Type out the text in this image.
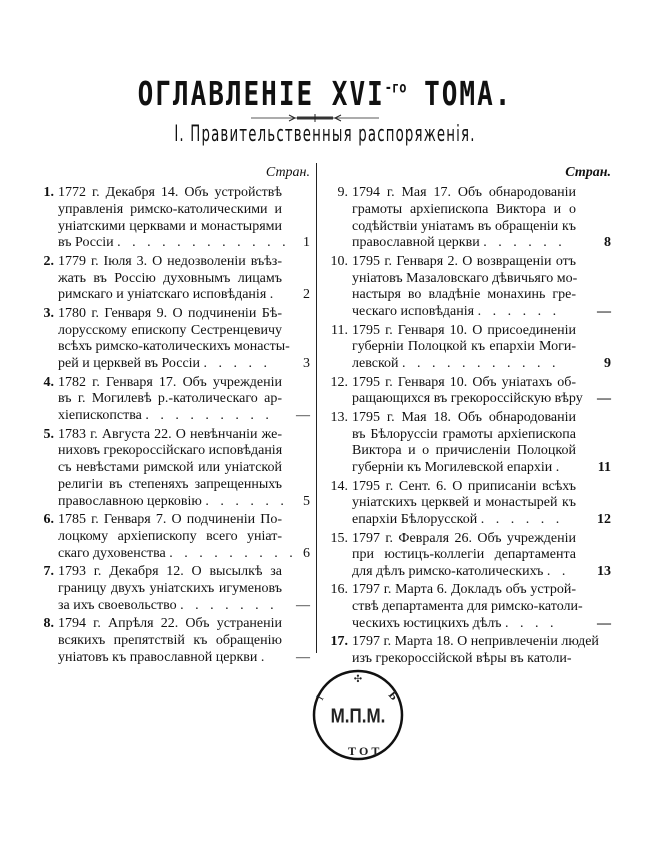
ОГЛАВЛЕНIЕ $XVI^{-го}$ ТОМА.
I. Правительственныя распоряженія.
Стран.
1. 1772 г. Декабря 14. Объ устройствѣ
управленія римско-католическими и
уніатскими церквами и монастырями
въ Россіи . . . . . . . . . . . . 1
2. 1779 г. Іюля 3. О недозволеніи въѣз-
жать въ Россію духовнымъ лицамъ
римскаго и уніатскаго исповѣданія .	2
3. 1780 г. Генваря 9. О подчиненіи Бѣ-
лорусскому епископу Сестренцевичу
всѣхъ римско-католическихъ монасты-
рей и церквей въ Россіи . . . . .	3
4. 1782 г. Генваря 17. Объ учрежденіи
въ г. Могилевѣ р.-католическаго ар-
хіепископства . . . . . . . . .	—
5. 1783 г. Августа 22. О невѣнчаніи же-
ниховъ грекороссійскаго исповѣданія
съ невѣстами римской или уніатской
религіи въ степеняхъ запрещенныхъ
православною церковію . . . . . . 5
6. 1785 г. Генваря 7. О подчиненіи По-
лоцкому архіепископу всего уніат-
скаго духовенства . . . . . . . . . 6
7. 1793 г. Декабря 12. О высылкѣ за
границу двухъ уніатскихъ игуменовъ
за ихъ своевольство . . . . . . .	—
8. 1794 г. Апрѣля 22. Объ устраненіи
всякихъ препятствій къ обращенію
уніатовъ къ православной церкви .	—
Стран.
9. 1794 г. Мая 17. Объ обнародованіи
грамоты архіепископа Виктора и о
содѣйствіи уніатамъ въ обращеніи къ
православной церкви . . . . . .	8
10. 1795 г. Генваря 2. О возвращеніи отъ
уніатовъ Мазаловскаго дѣвичьяго мо-
настыря во владѣніе монахинь гре-
ческаго исповѣданія . . . . . .	—
11. 1795 г. Генваря 10. О присоединеніи
губерніи Полоцкой къ епархіи Моги-
левской . . . . . . . . . . .	9
12. 1795 г. Генваря 10. Объ уніатахъ об-
ращающихся въ грекороссійскую вѣру —
13. 1795 г. Мая 18. Объ обнародованіи
въ Бѣлоруссіи грамоты архіепископа
Виктора и о причисленіи Полоцкой
губерніи къ Могилевской епархіи .	11
14. 1795 г. Сент. 6. О приписаніи всѣхъ
уніатскихъ церквей и монастырей къ
епархіи Бѣлорусской . . . . . .	12
15. 1797 г. Февраля 26. Объ учрежденіи
при юстицъ-коллегіи департамента
для дѣлъ римско-католическихъ . .	13
16. 1797 г. Марта 6. Докладъ объ устрой-
ствѣ департамента для римско-католи-
ческихъ юстицкихъ дѣлъ . . . .	—
17. 1797 г. Марта 18. О непривлеченіи людей
изъ грекороссійской вѣры въ католи-
М.П.М.
✣
Б
I
Т О Т
